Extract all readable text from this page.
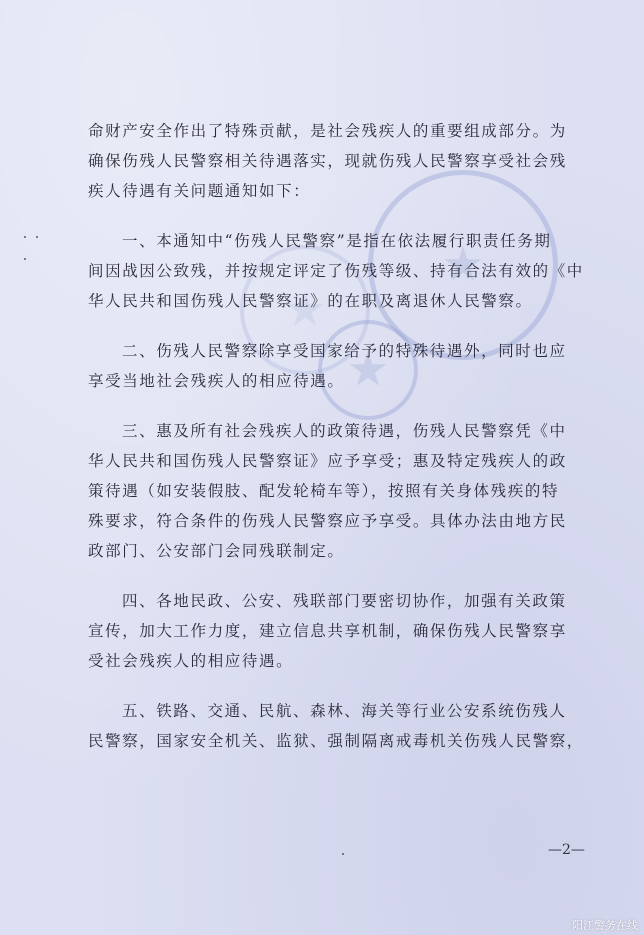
命财产安全作出了特殊贡献，是社会残疾人的重要组成部分。为

确保伤残人民警察相关待遇落实，现就伤残人民警察享受社会残

疾人待遇有关问题通知如下：

一、本通知中“伤残人民警察”是指在依法履行职责任务期

间因战因公致残，并按规定评定了伤残等级、持有合法有效的《中

华人民共和国伤残人民警察证》的在职及离退休人民警察。

二、伤残人民警察除享受国家给予的特殊待遇外，同时也应

享受当地社会残疾人的相应待遇。

三、惠及所有社会残疾人的政策待遇，伤残人民警察凭《中

华人民共和国伤残人民警察证》应予享受；惠及特定残疾人的政

策待遇（如安装假肢、配发轮椅车等），按照有关身体残疾的特

殊要求，符合条件的伤残人民警察应予享受。具体办法由地方民

政部门、公安部门会同残联制定。

四、各地民政、公安、残联部门要密切协作，加强有关政策

宣传，加大工作力度，建立信息共享机制，确保伤残人民警察享

受社会残疾人的相应待遇。

五、铁路、交通、民航、森林、海关等行业公安系统伤残人

民警察，国家安全机关、监狱、强制隔离戒毒机关伤残人民警察，

—2—
阳江警务在线
